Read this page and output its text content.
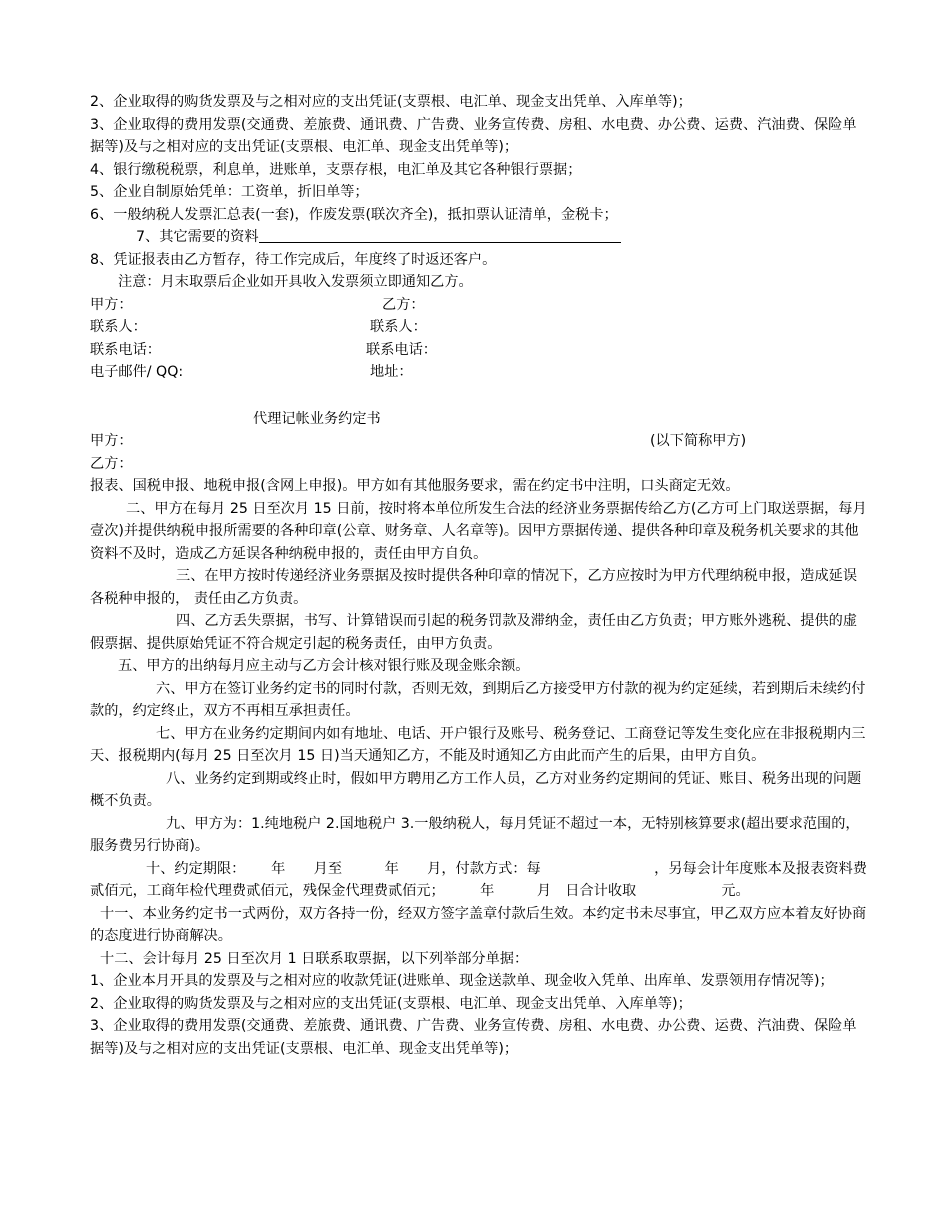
2、企业取得的购货发票及与之相对应的支出凭证(支票根、电汇单、现金支出凭单、入库单等)；
3、企业取得的费用发票(交通费、差旅费、通讯费、广告费、业务宣传费、房租、水电费、办公费、运费、汽油费、保险单据等)及与之相对应的支出凭证(支票根、电汇单、现金支出凭单等)；
4、银行缴税税票，利息单，进账单，支票存根，电汇单及其它各种银行票据；
5、企业自制原始凭单：工资单，折旧单等；
6、一般纳税人发票汇总表(一套)，作废发票(联次齐全)，抵扣票认证清单，金税卡；
7、其它需要的资料
8、凭证报表由乙方暂存，待工作完成后，年度终了时返还客户。
注意：月末取票后企业如开具收入发票须立即通知乙方。
甲方：	乙方：
联系人：	联系人：
联系电话：	联系电话：
电子邮件/ QQ:	地址：
代理记帐业务约定书
甲方：	(以下简称甲方)
乙方：
报表、国税申报、地税申报(含网上申报)。甲方如有其他服务要求，需在约定书中注明，口头商定无效。
二、甲方在每月 25 日至次月 15 日前，按时将本单位所发生合法的经济业务票据传给乙方(乙方可上门取送票据，每月壹次)并提供纳税申报所需要的各种印章(公章、财务章、人名章等)。因甲方票据传递、提供各种印章及税务机关要求的其他资料不及时，造成乙方延误各种纳税申报的，责任由甲方自负。
三、在甲方按时传递经济业务票据及按时提供各种印章的情况下，乙方应按时为甲方代理纳税申报，造成延误各税种申报的， 责任由乙方负责。
四、乙方丢失票据，书写、计算错误而引起的税务罚款及滞纳金，责任由乙方负责；甲方账外逃税、提供的虚假票据、提供原始凭证不符合规定引起的税务责任，由甲方负责。
五、甲方的出纳每月应主动与乙方会计核对银行账及现金账余额。
六、甲方在签订业务约定书的同时付款，否则无效，到期后乙方接受甲方付款的视为约定延续，若到期后未续约付款的，约定终止，双方不再相互承担责任。
七、甲方在业务约定期间内如有地址、电话、开户银行及账号、税务登记、工商登记等发生变化应在非报税期内三天、报税期内(每月 25 日至次月 15 日)当天通知乙方，不能及时通知乙方由此而产生的后果，由甲方自负。
八、业务约定到期或终止时，假如甲方聘用乙方工作人员，乙方对业务约定期间的凭证、账目、税务出现的问题概不负责。
九、甲方为：1.纯地税户 2.国地税户 3.一般纳税人，每月凭证不超过一本，无特别核算要求(超出要求范围的，服务费另行协商)。
十、约定期限：　　 年　　月至　　　年　　月，付款方式：每　　　　　　　　，另每会计年度账本及报表资料费贰佰元，工商年检代理费贰佰元，残保金代理费贰佰元；　　　年　　　月　日合计收取　　　　　　元。
十一、本业务约定书一式两份，双方各持一份，经双方签字盖章付款后生效。本约定书未尽事宜，甲乙双方应本着友好协商的态度进行协商解决。
十二、会计每月 25 日至次月 1 日联系取票据，以下列举部分单据：
1、企业本月开具的发票及与之相对应的收款凭证(进账单、现金送款单、现金收入凭单、出库单、发票领用存情况等)；
2、企业取得的购货发票及与之相对应的支出凭证(支票根、电汇单、现金支出凭单、入库单等)；
3、企业取得的费用发票(交通费、差旅费、通讯费、广告费、业务宣传费、房租、水电费、办公费、运费、汽油费、保险单据等)及与之相对应的支出凭证(支票根、电汇单、现金支出凭单等)；
